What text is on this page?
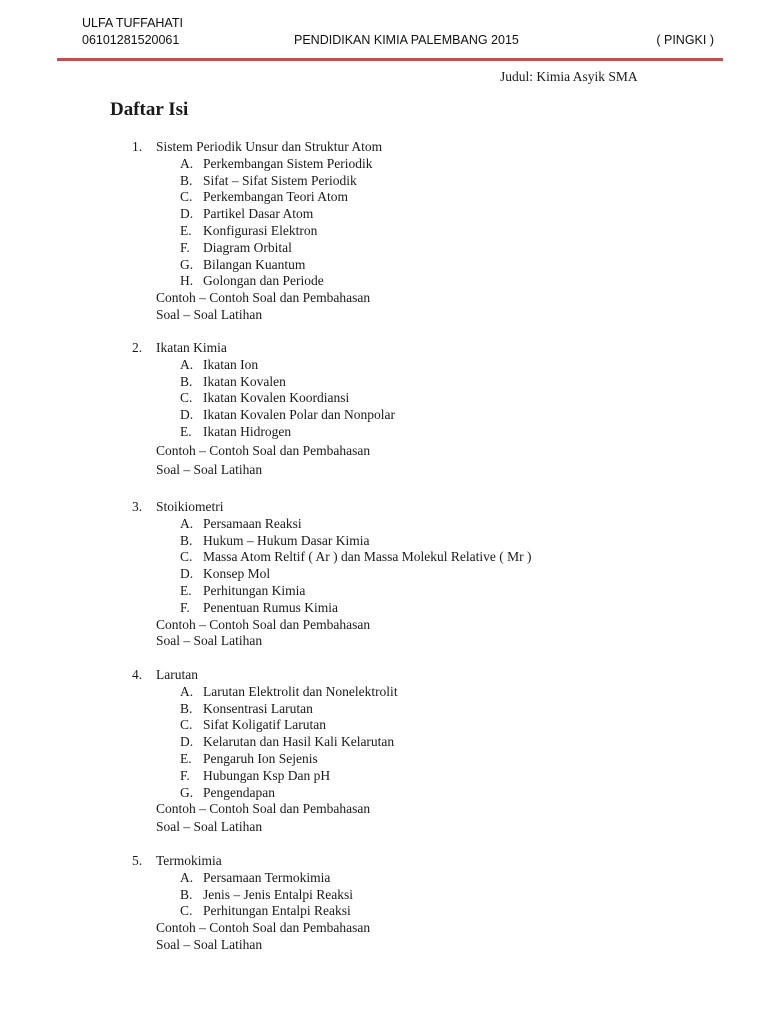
ULFA TUFFAHATI
06101281520061	PENDIDIKAN KIMIA PALEMBANG 2015	( PINGKI )
Judul: Kimia Asyik SMA
Daftar Isi
1. Sistem Periodik Unsur dan Struktur Atom
A. Perkembangan Sistem Periodik
B. Sifat – Sifat Sistem Periodik
C. Perkembangan Teori Atom
D. Partikel Dasar Atom
E. Konfigurasi Elektron
F. Diagram Orbital
G. Bilangan Kuantum
H. Golongan dan Periode
Contoh – Contoh Soal dan Pembahasan
Soal – Soal Latihan
2. Ikatan Kimia
A. Ikatan Ion
B. Ikatan Kovalen
C. Ikatan Kovalen Koordiansi
D. Ikatan Kovalen Polar dan Nonpolar
E. Ikatan Hidrogen
Contoh – Contoh Soal dan Pembahasan
Soal – Soal Latihan
3. Stoikiometri
A. Persamaan Reaksi
B. Hukum – Hukum Dasar Kimia
C. Massa Atom Reltif ( Ar ) dan Massa Molekul Relative ( Mr )
D. Konsep Mol
E. Perhitungan Kimia
F. Penentuan Rumus Kimia
Contoh – Contoh Soal dan Pembahasan
Soal – Soal Latihan
4. Larutan
A. Larutan Elektrolit dan Nonelektrolit
B. Konsentrasi Larutan
C. Sifat Koligatif Larutan
D. Kelarutan dan Hasil Kali Kelarutan
E. Pengaruh Ion Sejenis
F. Hubungan Ksp Dan pH
G. Pengendapan
Contoh – Contoh Soal dan Pembahasan
Soal – Soal Latihan
5. Termokimia
A. Persamaan Termokimia
B. Jenis – Jenis Entalpi Reaksi
C. Perhitungan Entalpi Reaksi
Contoh – Contoh Soal dan Pembahasan
Soal – Soal Latihan
